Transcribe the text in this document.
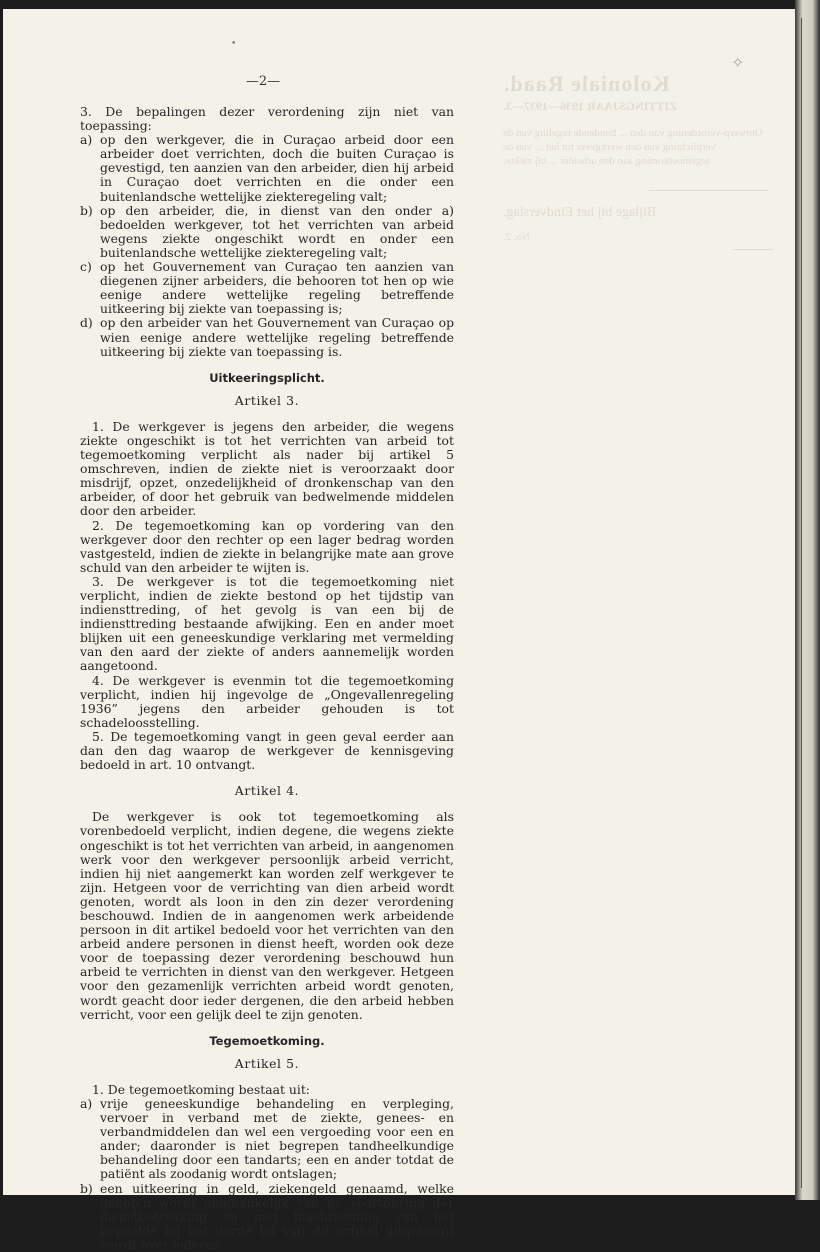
Koloniale Raad.
ZITTINGSJAAR 1936—1937—3.
Ontwerp-verordening van den ... houdende regeling van de verplichting van den werkgever tot het ... van de tegemoetkoming aan den arbeider ... bij ziekte.
Bijlage bij het Eindverslag.
No. 2.
•
✧
—2—
3. De bepalingen dezer verordening zijn niet van toepassing:
a) op den werkgever, die in Curaçao arbeid door een arbeider doet verrichten, doch die buiten Curaçao is gevestigd, ten aanzien van den arbeider, dien hij arbeid in Curaçao doet verrichten en die onder een buitenlandsche wettelijke ziekteregeling valt;
b) op den arbeider, die, in dienst van den onder a) bedoelden werkgever, tot het verrichten van arbeid wegens ziekte ongeschikt wordt en onder een buitenlandsche wettelijke ziekteregeling valt;
c) op het Gouvernement van Curaçao ten aanzien van diegenen zijner arbeiders, die behooren tot hen op wie eenige andere wettelijke regeling betreffende uitkeering bij ziekte van toepassing is;
d) op den arbeider van het Gouvernement van Curaçao op wien eenige andere wettelijke regeling betreffende uitkeering bij ziekte van toepassing is.
Uitkeeringsplicht.
Artikel 3.
1. De werkgever is jegens den arbeider, die wegens ziekte ongeschikt is tot het verrichten van arbeid tot tegemoetkoming verplicht als nader bij artikel 5 omschreven, indien de ziekte niet is veroorzaakt door misdrijf, opzet, onzedelijkheid of dronkenschap van den arbeider, of door het gebruik van bedwelmende middelen door den arbeider.
2. De tegemoetkoming kan op vordering van den werkgever door den rechter op een lager bedrag worden vastgesteld, indien de ziekte in belangrijke mate aan grove schuld van den arbeider te wijten is.
3. De werkgever is tot die tegemoetkoming niet verplicht, indien de ziekte bestond op het tijdstip van indiensttreding, of het gevolg is van een bij de indiensttreding bestaande afwijking. Een en ander moet blijken uit een geneeskundige verklaring met vermelding van den aard der ziekte of anders aannemelijk worden aangetoond.
4. De werkgever is evenmin tot die tegemoetkoming verplicht, indien hij ingevolge de „Ongevallenregeling 1936” jegens den arbeider gehouden is tot schadeloosstelling.
5. De tegemoetkoming vangt in geen geval eerder aan dan den dag waarop de werkgever de kennisgeving bedoeld in art. 10 ontvangt.
Artikel 4.
De werkgever is ook tot tegemoetkoming als vorenbedoeld verplicht, indien degene, die wegens ziekte ongeschikt is tot het verrichten van arbeid, in aangenomen werk voor den werkgever persoonlijk arbeid verricht, indien hij niet aangemerkt kan worden zelf werkgever te zijn. Hetgeen voor de verrichting van dien arbeid wordt genoten, wordt als loon in den zin dezer verordening beschouwd. Indien de in aangenomen werk arbeidende persoon in dit artikel bedoeld voor het verrichten van den arbeid andere personen in dienst heeft, worden ook deze voor de toepassing dezer verordening beschouwd hun arbeid te verrichten in dienst van den werkgever. Hetgeen voor den gezamenlijk verrichten arbeid wordt genoten, wordt geacht door ieder dergenen, die den arbeid hebben verricht, voor een gelijk deel te zijn genoten.
Tegemoetkoming.
Artikel 5.
1. De tegemoetkoming bestaat uit:
a) vrije geneeskundige behandeling en verpleging, vervoer in verband met de ziekte, genees- en verbandmiddelen dan wel een vergoeding voor een en ander; daaronder is niet begrepen tandheelkundige behandeling door een tandarts; een en ander totdat de patiënt als zoodanig wordt ontslagen;
b) een uitkeering in geld, ziekengeld genaamd, welke genoten wordt onafhankelijk van de voortduring der dienstbetrekking en met inachtneming van het bepaalde bij het derde lid van dit artikel uitgekeerd wordt over iederen
